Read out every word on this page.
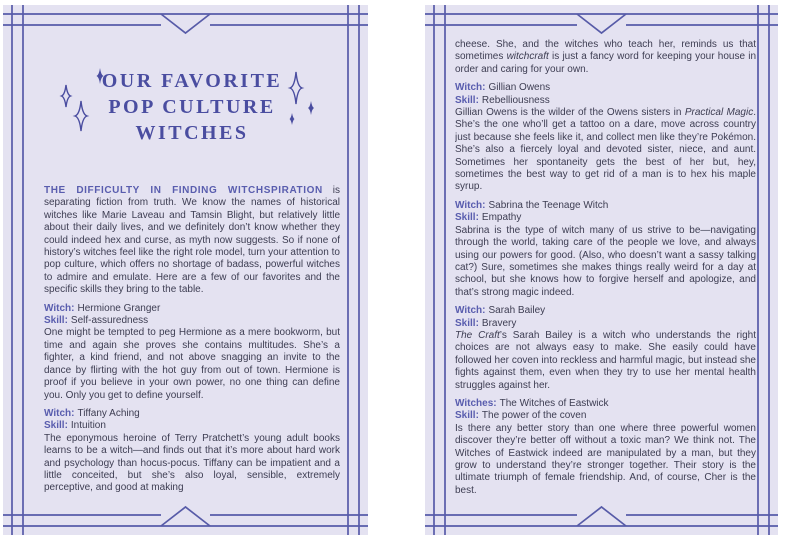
OUR FAVORITE
POP CULTURE
WITCHES

THE DIFFICULTY IN FINDING WITCHSPIRATION is separating fiction from truth. We know the names of historical witches like Marie Laveau and Tamsin Blight, but relatively little about their daily lives, and we definitely don’t know whether they could indeed hex and curse, as myth now suggests. So if none of history’s witches feel like the right role model, turn your attention to pop culture, which offers no shortage of badass, powerful witches to admire and emulate. Here are a few of our favorites and the specific skills they bring to the table.

Witch: Hermione Granger
Skill: Self-assuredness

One might be tempted to peg Hermione as a mere bookworm, but time and again she proves she contains multitudes. She’s a fighter, a kind friend, and not above snagging an invite to the dance by flirting with the hot guy from out of town. Hermione is proof if you believe in your own power, no one thing can define you. Only you get to define yourself.

Witch: Tiffany Aching
Skill: Intuition

The eponymous heroine of Terry Pratchett’s young adult books learns to be a witch—and finds out that it’s more about hard work and psychology than hocus-pocus. Tiffany can be impatient and a little conceited, but she’s also loyal, sensible, extremely perceptive, and good at making

cheese. She, and the witches who teach her, reminds us that sometimes witchcraft is just a fancy word for keeping your house in order and caring for your own.

Witch: Gillian Owens
Skill: Rebelliousness

Gillian Owens is the wilder of the Owens sisters in Practical Magic. She’s the one who’ll get a tattoo on a dare, move across country just because she feels like it, and collect men like they’re Pokémon. She’s also a fiercely loyal and devoted sister, niece, and aunt. Sometimes her spontaneity gets the best of her but, hey, sometimes the best way to get rid of a man is to hex his maple syrup.

Witch: Sabrina the Teenage Witch
Skill: Empathy

Sabrina is the type of witch many of us strive to be—navigating through the world, taking care of the people we love, and always using our powers for good. (Also, who doesn’t want a sassy talking cat?) Sure, sometimes she makes things really weird for a day at school, but she knows how to forgive herself and apologize, and that’s strong magic indeed.

Witch: Sarah Bailey
Skill: Bravery

The Craft’s Sarah Bailey is a witch who understands the right choices are not always easy to make. She easily could have followed her coven into reckless and harmful magic, but instead she fights against them, even when they try to use her mental health struggles against her.

Witches: The Witches of Eastwick
Skill: The power of the coven

Is there any better story than one where three powerful women discover they’re better off without a toxic man? We think not. The Witches of Eastwick indeed are manipulated by a man, but they grow to understand they’re stronger together. Their story is the ultimate triumph of female friendship. And, of course, Cher is the best.
